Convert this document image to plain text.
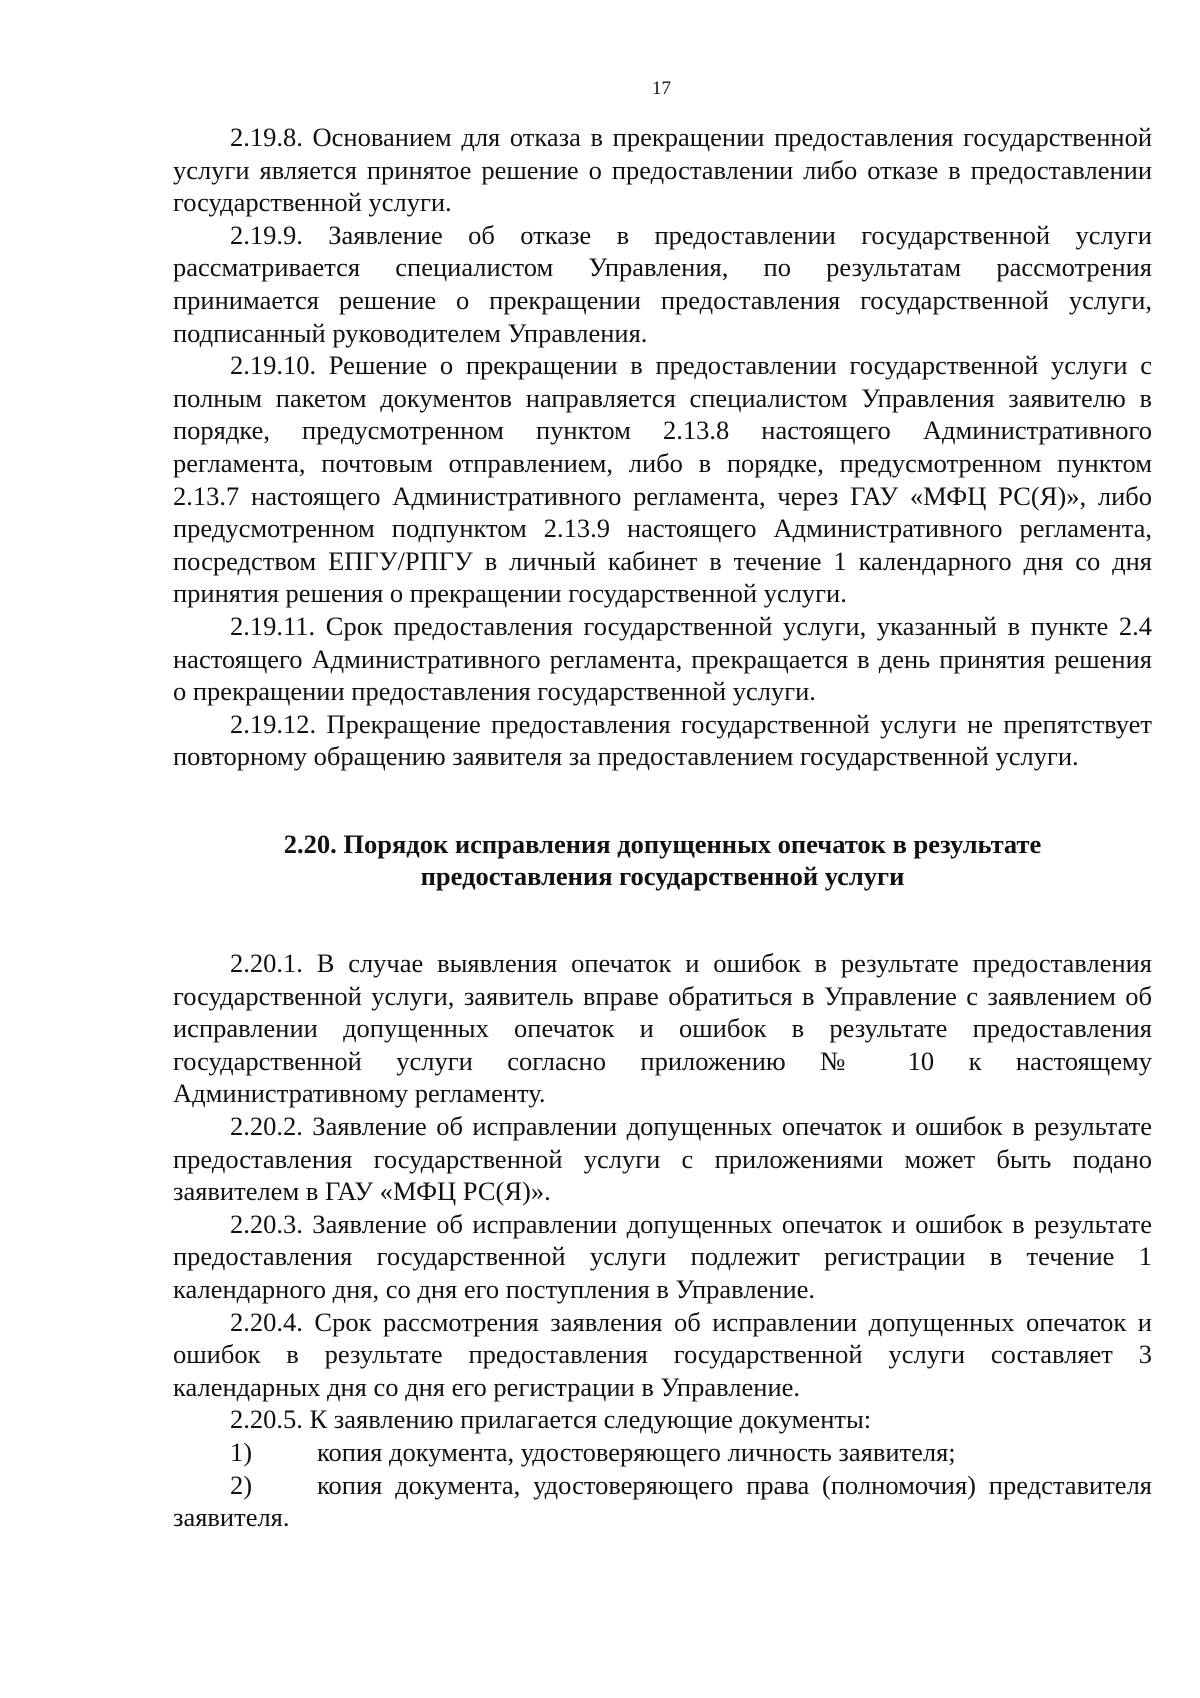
17

2.19.8. Основанием для отказа в прекращении предоставления государственной услуги является принятое решение о предоставлении либо отказе в предоставлении государственной услуги.

2.19.9. Заявление об отказе в предоставлении государственной услуги рассматривается специалистом Управления, по результатам рассмотрения принимается решение о прекращении предоставления государственной услуги, подписанный руководителем Управления.

2.19.10. Решение о прекращении в предоставлении государственной услуги с полным пакетом документов направляется специалистом Управления заявителю в порядке, предусмотренном пунктом 2.13.8 настоящего Административного регламента, почтовым отправлением, либо в порядке, предусмотренном пунктом 2.13.7 настоящего Административного регламента, через ГАУ «МФЦ РС(Я)», либо предусмотренном подпунктом 2.13.9 настоящего Административного регламента, посредством ЕПГУ/РПГУ в личный кабинет в течение 1 календарного дня со дня принятия решения о прекращении государственной услуги.

2.19.11. Срок предоставления государственной услуги, указанный в пункте 2.4 настоящего Административного регламента, прекращается в день принятия решения о прекращении предоставления государственной услуги.

2.19.12. Прекращение предоставления государственной услуги не препятствует повторному обращению заявителя за предоставлением государственной услуги.

2.20. Порядок исправления допущенных опечаток в результате
предоставления государственной услуги

2.20.1. В случае выявления опечаток и ошибок в результате предоставления государственной услуги, заявитель вправе обратиться в Управление с заявлением об исправлении допущенных опечаток и ошибок в результате предоставления государственной услуги согласно приложению № 10 к настоящему Административному регламенту.

2.20.2. Заявление об исправлении допущенных опечаток и ошибок в результате предоставления государственной услуги с приложениями может быть подано заявителем в ГАУ «МФЦ РС(Я)».

2.20.3. Заявление об исправлении допущенных опечаток и ошибок в результате предоставления государственной услуги подлежит регистрации в течение 1 календарного дня, со дня его поступления в Управление.

2.20.4. Срок рассмотрения заявления об исправлении допущенных опечаток и ошибок в результате предоставления государственной услуги составляет 3 календарных дня со дня его регистрации в Управление.

2.20.5. К заявлению прилагается следующие документы:

1) копия документа, удостоверяющего личность заявителя;
2) копия документа, удостоверяющего права (полномочия) представителя заявителя.
